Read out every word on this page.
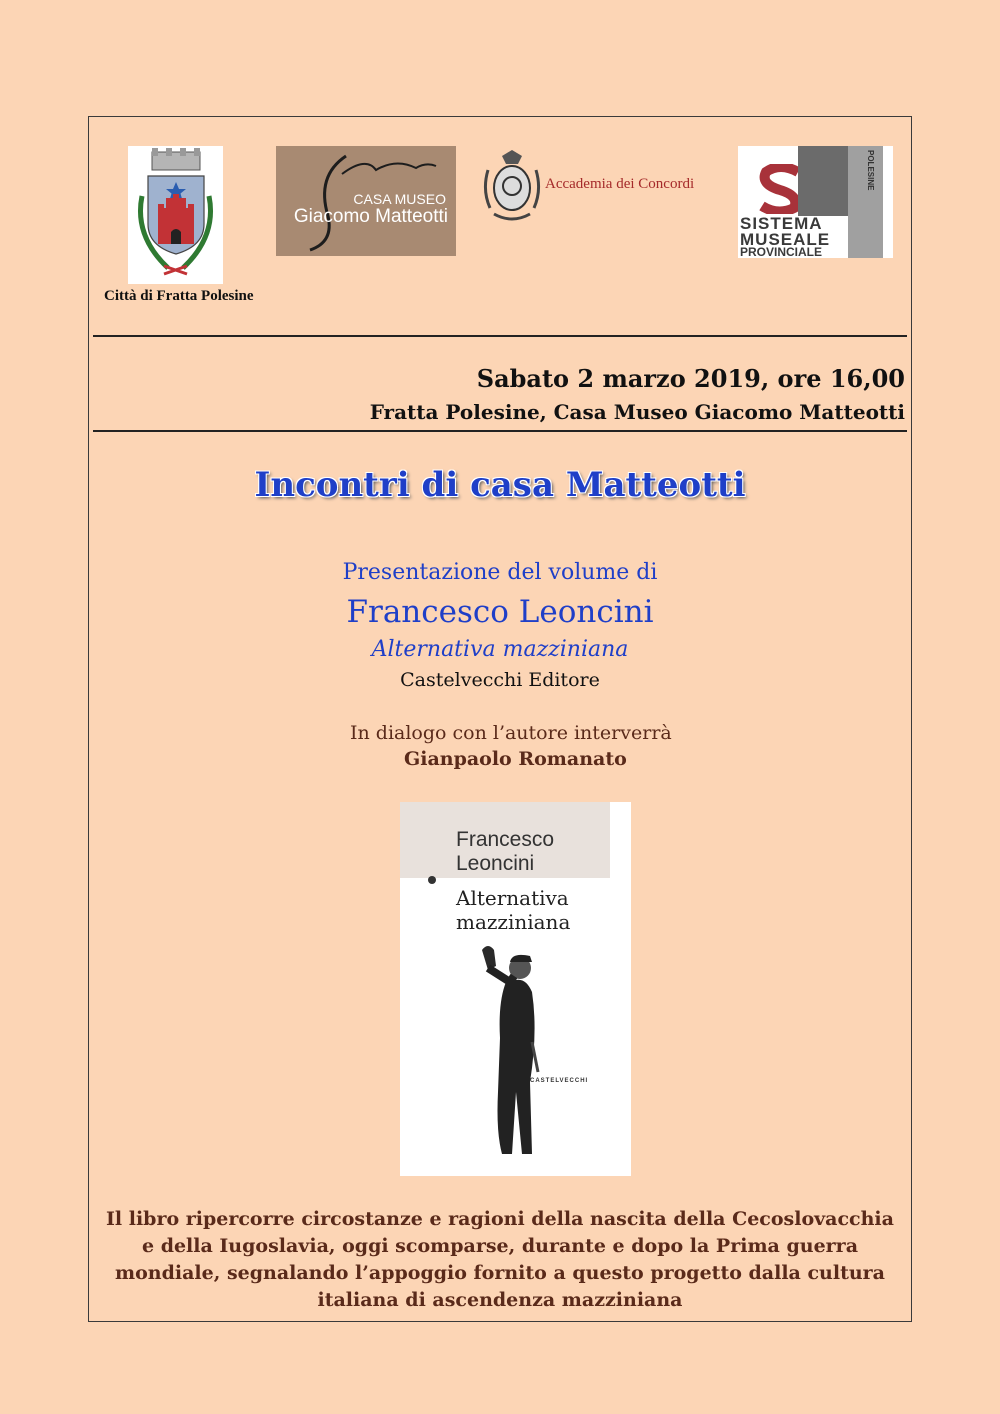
Città di Fratta Polesine
CASA MUSEO
Giacomo Matteotti
Accademia dei Concordi	POLESINE
SISTEMA
MUSEALE
PROVINCIALE
Sabato 2 marzo 2019, ore 16,00
Fratta Polesine, Casa Museo Giacomo Matteotti
Incontri di casa Matteotti
Presentazione del volume di
Francesco Leoncini
Alternativa mazziniana
Castelvecchi Editore
In dialogo con l’autore interverrà
Gianpaolo Romanato
Francesco
Leoncini
Alternativa
mazziniana
CASTELVECCHI
Il libro ripercorre circostanze e ragioni della nascita della Cecoslovacchia e della Iugoslavia, oggi scomparse, durante e dopo la Prima guerra mondiale, segnalando l’appoggio fornito a questo progetto dalla cultura italiana di ascendenza mazziniana
